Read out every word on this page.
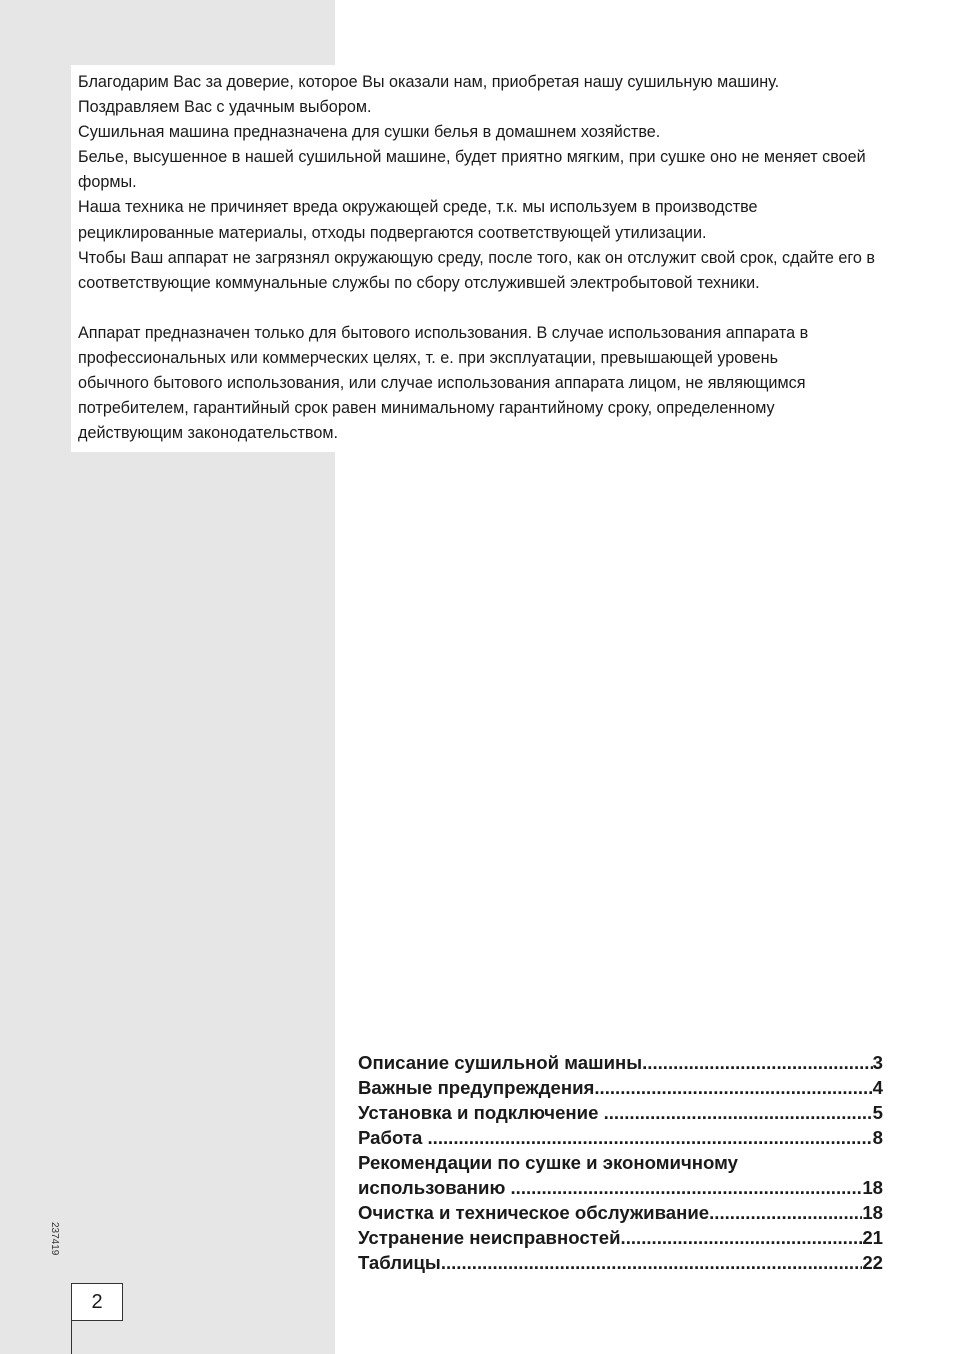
Благодарим Вас за доверие, которое Вы оказали нам, приобретая нашу сушильную машину.

Поздравляем Вас с удачным выбором.

Сушильная машина предназначена для сушки белья в домашнем хозяйстве.

Белье, высушенное в нашей сушильной машине, будет приятно мягким, при сушке оно не меняет своей формы.

Наша техника не причиняет вреда окружающей среде, т.к. мы используем в производстве рециклированные материалы, отходы подвергаются соответствующей утилизации.

Чтобы Ваш аппарат не загрязнял окружающую среду, после того, как он отслужит свой срок, сдайте его в соответствующие коммунальные службы по сбору отслужившей электробытовой техники.

Аппарат предназначен только для бытового использования. В случае использования аппарата в профессиональных или коммерческих целях, т. е. при эксплуатации, превышающей уровень обычного бытового использования, или случае использования аппарата лицом, не являющимся потребителем, гарантийный срок равен минимальному гарантийному сроку, определенному действующим законодательством.

Описание сушильной машины .....	3
Важные предупреждения .....	4
Установка и подключение .....	5
Работа .....	8
Рекомендации по сушке и экономичному
использованию .....	18
Очистка и техническое обслуживание .....	18
Устранение неисправностей .....	21
Таблицы .....	22
237419
2
